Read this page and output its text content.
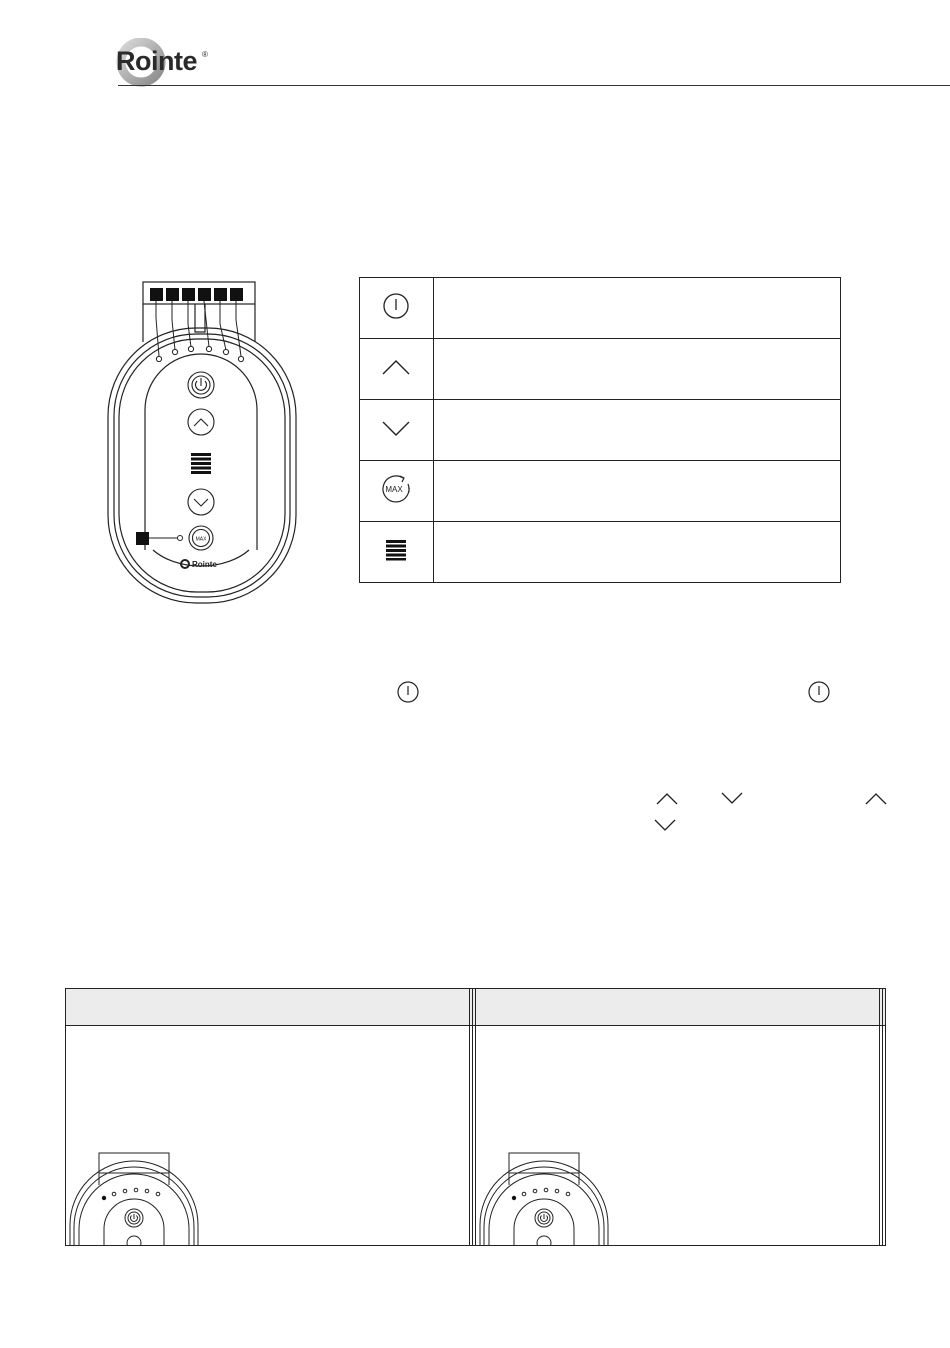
Rointe ®
MAX
Rointe

MAX :	
